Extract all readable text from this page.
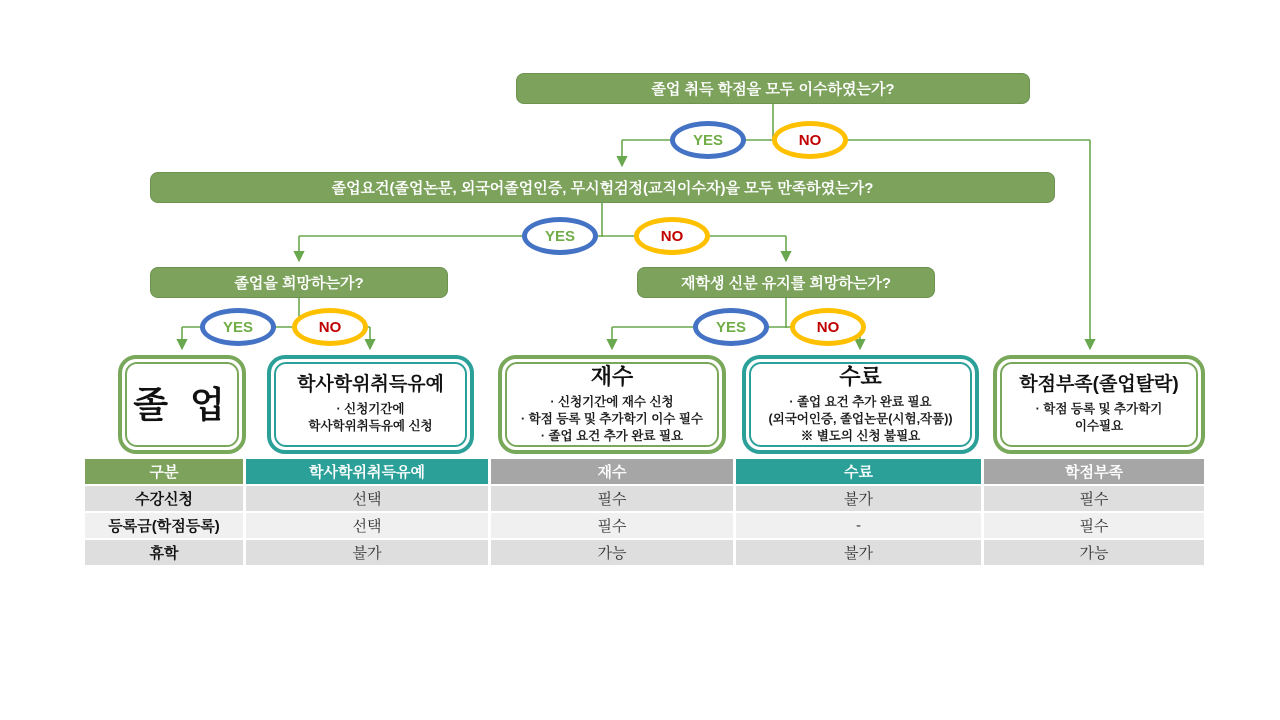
졸업 취득 학점을 모두 이수하였는가?
졸업요건(졸업논문, 외국어졸업인증, 무시험검정(교직이수자)을 모두 만족하였는가?
졸업을 희망하는가?	재학생 신분 유지를 희망하는가?
YES	NO
YES	NO
YES	NO	YES	NO
졸 업	학사학위취득유예
· 신청기간에
학사학위취득유예 신청
재수
· 신청기간에 재수 신청
· 학점 등록 및 추가학기 이수 필수
· 졸업 요건 추가 완료 필요
수료
· 졸업 요건 추가 완료 필요
(외국어인증, 졸업논문(시험,작품))
※ 별도의 신청 불필요
학점부족(졸업탈락)
· 학점 등록 및 추가학기
이수필요
구분	학사학위취득유예	재수	수료	학점부족
수강신청	선택	필수	불가	필수
등록금(학점등록)	선택	필수	-	필수
휴학	불가	가능	불가	가능
